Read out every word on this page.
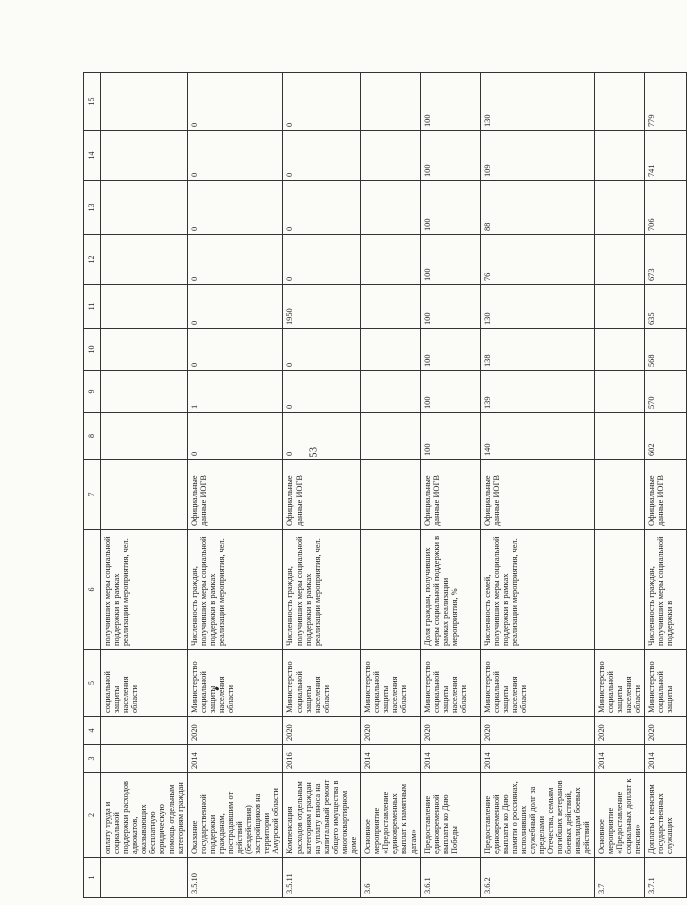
53
1	2	3	4	5	6	7	8	9	10	11	12	13	14	15
	оплату труда и социальной поддержки расходов адвокатов, оказывающих бесплатную юридическую помощь отдельным категориям граждан			социальной защиты населения области	получивших меры социальной поддержки в рамках реализации мероприятия, чел.									
3.5.10	Оказание государственной поддержки гражданам, пострадавшим от действий (бездействия) застройщиков на территории Амурской области	2014	2020	Министерство социальной защиты населения области	Численность граждан, получивших меры социальной поддержки в рамках реализации мероприятия, чел.	Официальные данные ИОГВ	0	1	0	0	0	0	0	0
3.5.11	Компенсация расходов отдельным категориям граждан на уплату взноса на капитальный ремонт общего имущества в многоквартирном доме	2016	2020	Министерство социальной защиты населения области	Численность граждан, получивших меры социальной поддержки в рамках реализации мероприятия, чел.	Официальные данные ИОГВ	0	0	0	1950	0	0	0	0
3.6	Основное мероприятие «Предоставление единовременных выплат к памятным датам»	2014	2020	Министерство социальной защиты населения области										
3.6.1	Предоставление единовременной выплаты ко Дню Победы	2014	2020	Министерство социальной защиты населения области	Доля граждан, получивших меры социальной поддержки в рамках реализации мероприятия, %	Официальные данные ИОГВ	100	100	100	100	100	100	100	100
3.6.2	Предоставление единовременной выплаты ко Дню памяти о россиянах, исполнявших служебный долг за пределами Отечества, семьям погибших ветеранов боевых действий, инвалидам боевых действий	2014	2020	Министерство социальной защиты населения области	Численность семей, получивших меры социальной поддержки в рамках реализации мероприятия, чел.	Официальные данные ИОГВ	140	139	138	130	76	88	109	130
3.7	Основное мероприятие «Предоставление социальных доплат к пенсии»	2014	2020	Министерство социальной защиты населения области										
3.7.1	Доплаты к пенсиям государственных служащих	2014	2020	Министерство социальной защиты	Численность граждан, получивших меры социальной поддержки в	Официальные данные ИОГВ	602	570	568	635	673	706	741	779
